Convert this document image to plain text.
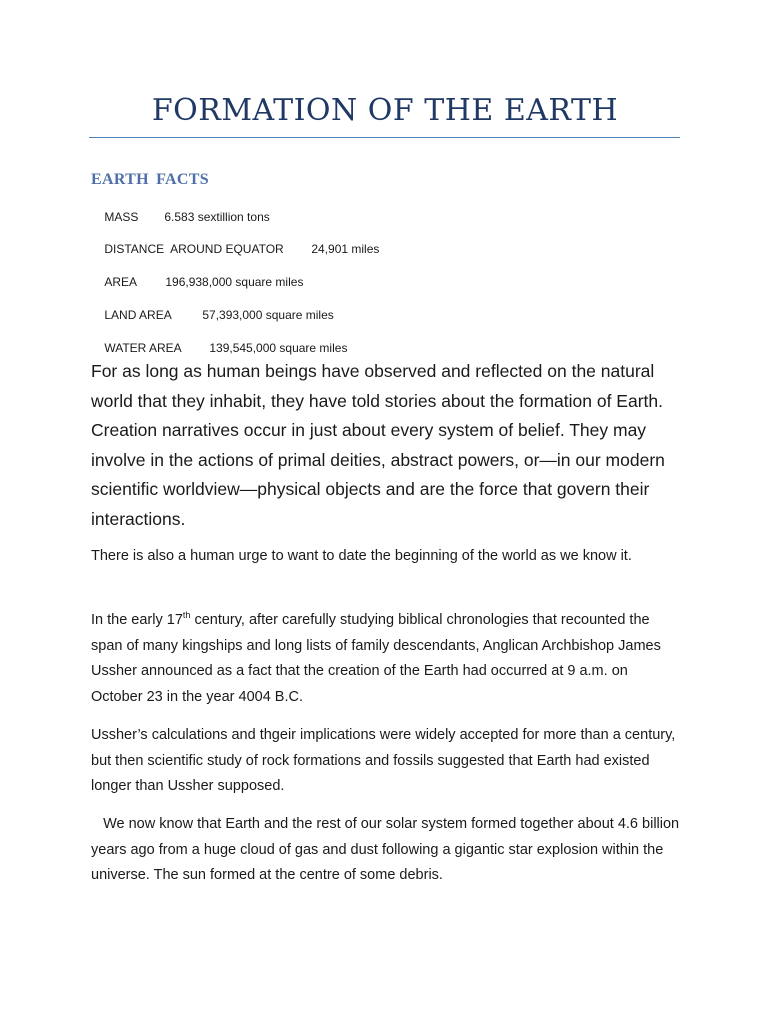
FORMATION OF THE EARTH
EARTH FACTS

MASS 6.583 sextillion tons

DISTANCE  AROUND EQUATOR 24,901 miles

AREA 196,938,000 square miles

LAND AREA	57,393,000 square miles

WATER AREA 139,545,000 square miles

For as long as human beings have observed and reflected on the natural world that they inhabit, they have told stories about the formation of Earth. Creation narratives occur in just about every system of belief. They may involve in the actions of primal deities, abstract powers, or—in our modern scientific worldview—physical objects and are the force that govern their interactions.

There is also a human urge to want to date the beginning of the world as we know it.

In the early 17th century, after carefully studying biblical chronologies that recounted the span of many kingships and long lists of family descendants, Anglican Archbishop James Ussher announced as a fact that the creation of the Earth had occurred at 9 a.m. on October 23 in the year 4004 B.C.

Ussher’s calculations and thgeir implications were widely accepted for more than a century, but then scientific study of rock formations and fossils suggested that Earth had existed longer than Ussher supposed.

We now know that Earth and the rest of our solar system formed together about 4.6 billion years ago from a huge cloud of gas and dust following a gigantic star explosion within the universe. The sun formed at the centre of some debris.
